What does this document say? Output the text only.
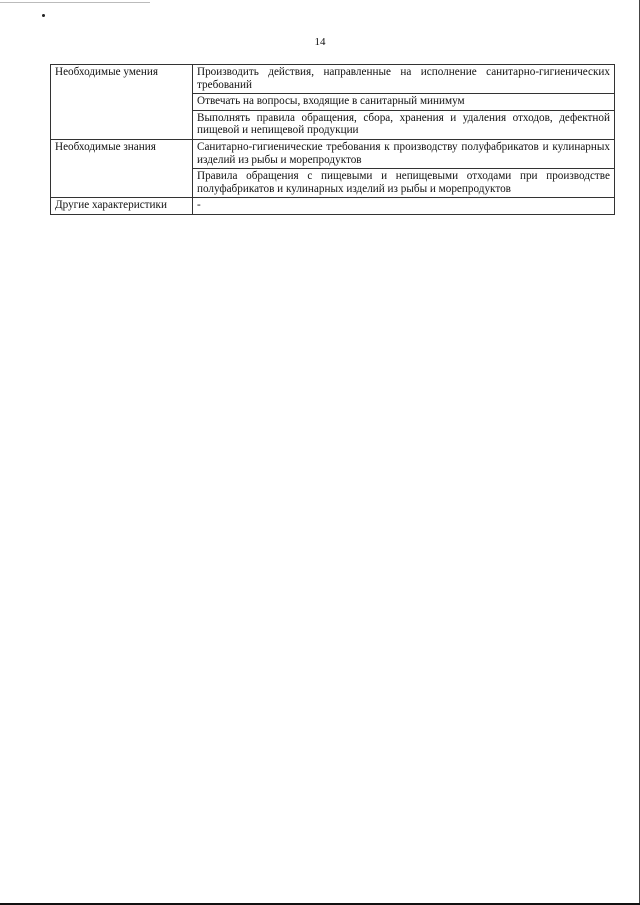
14
Необходимые умения	Производить действия, направленные на исполнение санитарно-гигиенических требований
	Отвечать на вопросы, входящие в санитарный минимум
	Выполнять правила обращения, сбора, хранения и удаления отходов, дефектной пищевой и непищевой продукции
Необходимые знания	Санитарно-гигиенические требования к производству полуфабрикатов и кулинарных изделий из рыбы и морепродуктов
	Правила обращения с пищевыми и непищевыми отходами при производстве полуфабрикатов и кулинарных изделий из рыбы и морепродуктов
Другие характеристики	-
